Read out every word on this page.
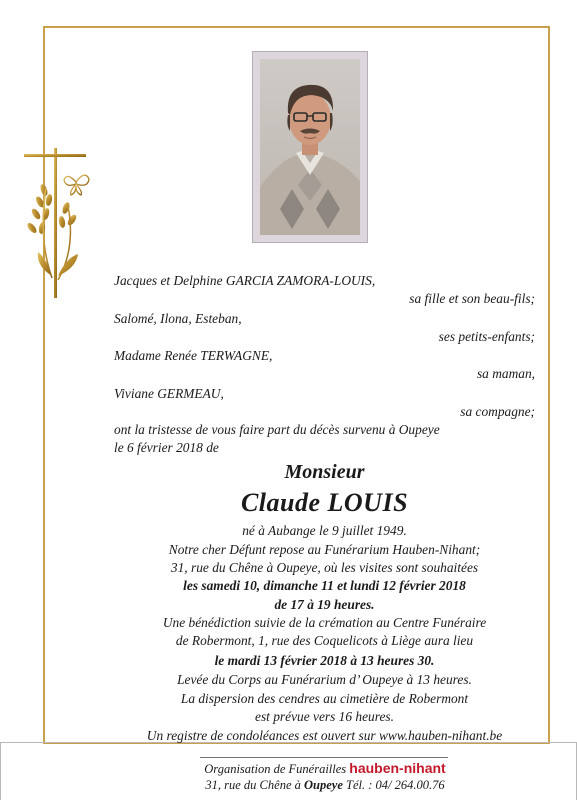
Jacques et Delphine GARCIA ZAMORA-LOUIS,
sa fille et son beau-fils;
Salomé, Ilona, Esteban,
ses petits-enfants;
Madame Renée TERWAGNE,
sa maman,
Viviane GERMEAU,
sa compagne;
ont la tristesse de vous faire part du décès survenu à Oupeye
le 6 février 2018 de
Monsieur
Claude LOUIS
né à Aubange le 9 juillet 1949.
Notre cher Défunt repose au Funérarium Hauben-Nihant;
31, rue du Chêne à Oupeye, où les visites sont souhaitées
les samedi 10, dimanche 11 et lundi 12 février 2018
de 17 à 19 heures.
Une bénédiction suivie de la crémation au Centre Funéraire
de Robermont, 1, rue des Coquelicots à Liège aura lieu
le mardi 13 février 2018 à 13 heures 30.
Levée du Corps au Funérarium d’ Oupeye à 13 heures.
La dispersion des cendres au cimetière de Robermont
est prévue vers 16 heures.
Un registre de condoléances est ouvert sur www.hauben-nihant.be
Organisation de Funérailles hauben-nihant
31, rue du Chêne à Oupeye Tél. : 04/ 264.00.76
